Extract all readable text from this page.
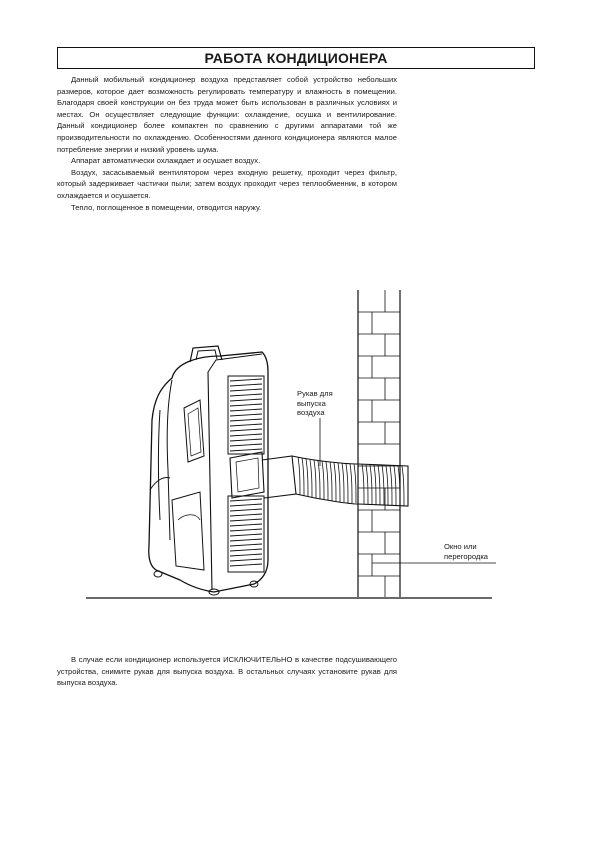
РАБОТА КОНДИЦИОНЕРА

Данный мобильный кондиционер воздуха представляет собой устройство небольших размеров, которое дает возможность регулировать температуру и влажность в помещении. Благодаря своей конструкции он без труда может быть использован в различных условиях и местах. Он осуществляет следующие функции: охлаждение, осушка и вентилирование. Данный кондиционер более компактен по сравнению с другими аппаратами той же производительности по охлаждению. Особенностями данного кондиционера являются малое потребление энергии и низкий уровень шума.

Аппарат автоматически охлаждает и осушает воздух.

Воздух, засасываемый вентилятором через входную решетку, проходит через фильтр, который задерживает частички пыли; затем воздух проходит через теплообменник, в котором охлаждается и осушается.

Тепло, поглощенное в помещении, отводится наружу.

Рукав для
выпуска
воздуха
Окно или
перегородка

В случае если кондиционер используется ИСКЛЮЧИТЕЛЬНО в качестве подсушивающего устройства, снимите рукав для выпуска воздуха. В остальных случаях установите рукав для выпуска воздуха.
